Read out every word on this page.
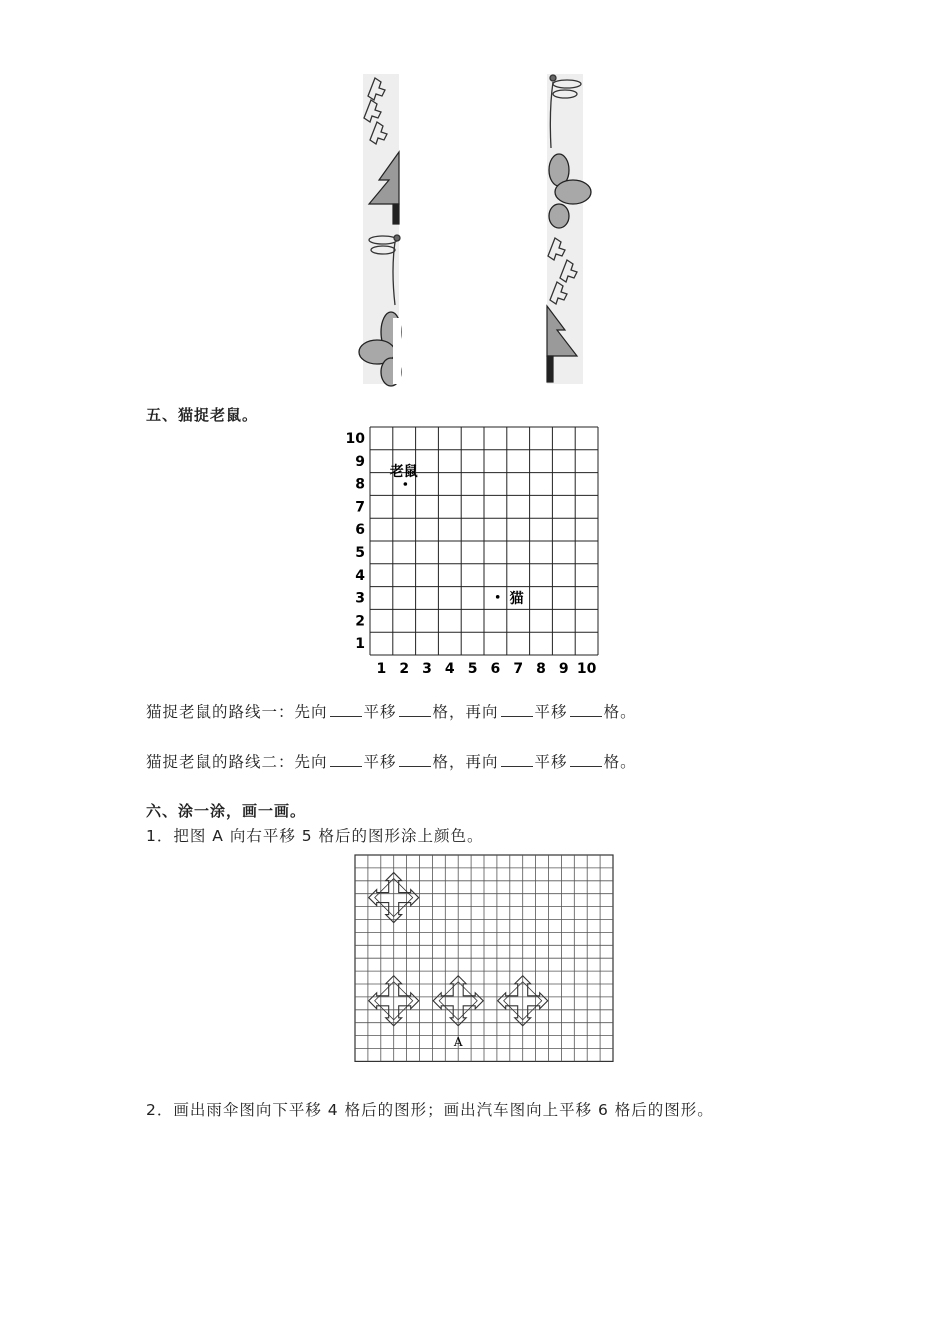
五、猫捉老鼠。
10
9
8
7
6
5
4
3
2
1
1 2 3 4 5 6 7 8 9 10
老鼠
猫
猫捉老鼠的路线一：先向 平移 格，再向 平移 格。
猫捉老鼠的路线二：先向 平移 格，再向 平移 格。
六、涂一涂，画一画。
1．把图 A 向右平移 5 格后的图形涂上颜色。
A
2．画出雨伞图向下平移 4 格后的图形；画出汽车图向上平移 6 格后的图形。
